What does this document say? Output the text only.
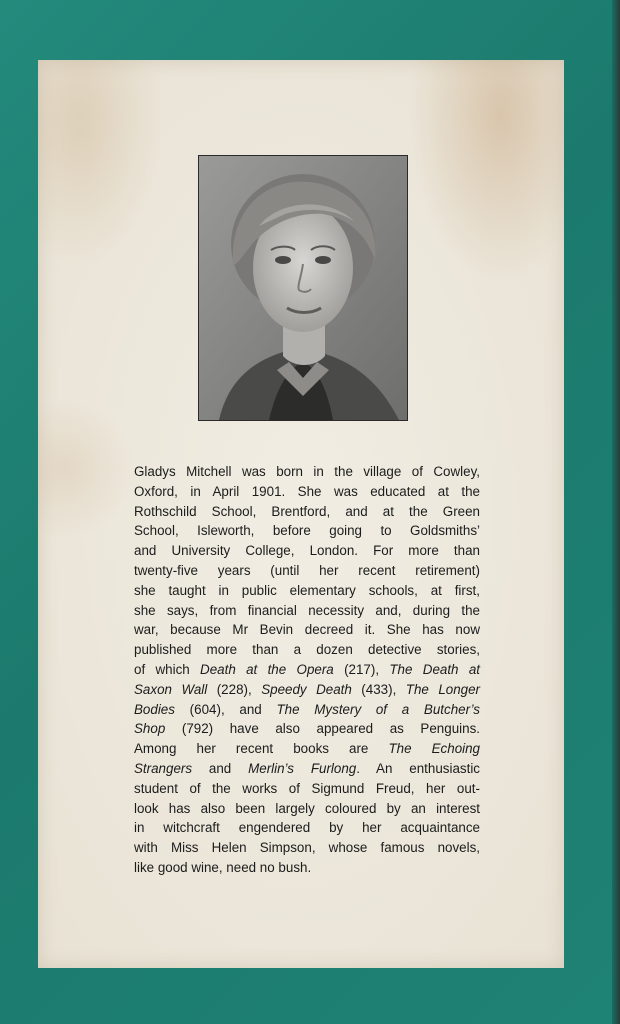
Gladys Mitchell was born in the village of Cowley,
Oxford, in April 1901. She was educated at the
Rothschild School, Brentford, and at the Green
School, Isleworth, before going to Goldsmiths’
and University College, London. For more than
twenty-five years (until her recent retirement)
she taught in public elementary schools, at first,
she says, from financial necessity and, during the
war, because Mr Bevin decreed it. She has now
published more than a dozen detective stories,
of which Death at the Opera (217), The Death at
Saxon Wall (228), Speedy Death (433), The Longer
Bodies (604), and The Mystery of a Butcher’s
Shop (792) have also appeared as Penguins.
Among her recent books are The Echoing
Strangers and Merlin’s Furlong. An enthusiastic
student of the works of Sigmund Freud, her out-
look has also been largely coloured by an interest
in witchcraft engendered by her acquaintance
with Miss Helen Simpson, whose famous novels,
like good wine, need no bush.
